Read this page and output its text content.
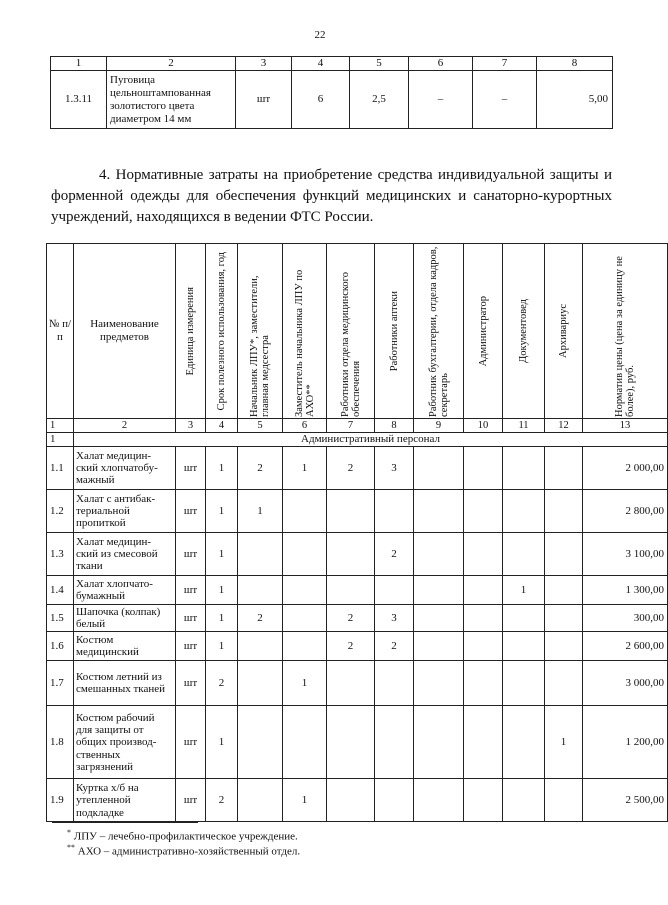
22
1	2	3	4	5	6	7	8
1.3.11	Пуговица цельноштампованная золотистого цвета диаметром 14 мм	шт	6	2,5	–	–	5,00
4. Нормативные затраты на приобретение средства индивидуальной защиты и форменной одежды для обеспечения функций медицинских и санаторно-курортных учреждений, находящихся в ведении ФТС России.
№ п/п	Наименование предметов	Единица измерения	Срок полезного использования, год	Начальник ЛПУ*, заместители, главная медсестра	Заместитель начальника ЛПУ по АХО**	Работники отдела медицинского обеспечения	Работники аптеки	Работник бухгалтерии, отдела кадров, секретарь	Администратор	Документовед	Архивариус	Норматив цены (цена за единицу не более), руб.

1	2	3	4	5	6	7	8	9	10	11	12	13
1	Административный персонал											
1.1	Халат медицин-ский хлопчатобу-мажный	шт	1	2	1	2	3					2 000,00
1.2	Халат с антибак-териальной пропиткой	шт	1	1								2 800,00
1.3	Халат медицин-ский из смесовой ткани	шт	1				2					3 100,00
1.4	Халат хлопчато-бумажный	шт	1							1		1 300,00
1.5	Шапочка (колпак) белый	шт	1	2		2	3					300,00
1.6	Костюм медицинский	шт	1			2	2					2 600,00
1.7	Костюм летний из смешанных тканей	шт	2		1							3 000,00
1.8	Костюм рабочий для защиты от общих производ-ственных загрязнений	шт	1								1	1 200,00
1.9	Куртка х/б на утепленной подкладке	шт	2		1							2 500,00
* ЛПУ – лечебно-профилактическое учреждение.
** АХО – административно-хозяйственный отдел.
